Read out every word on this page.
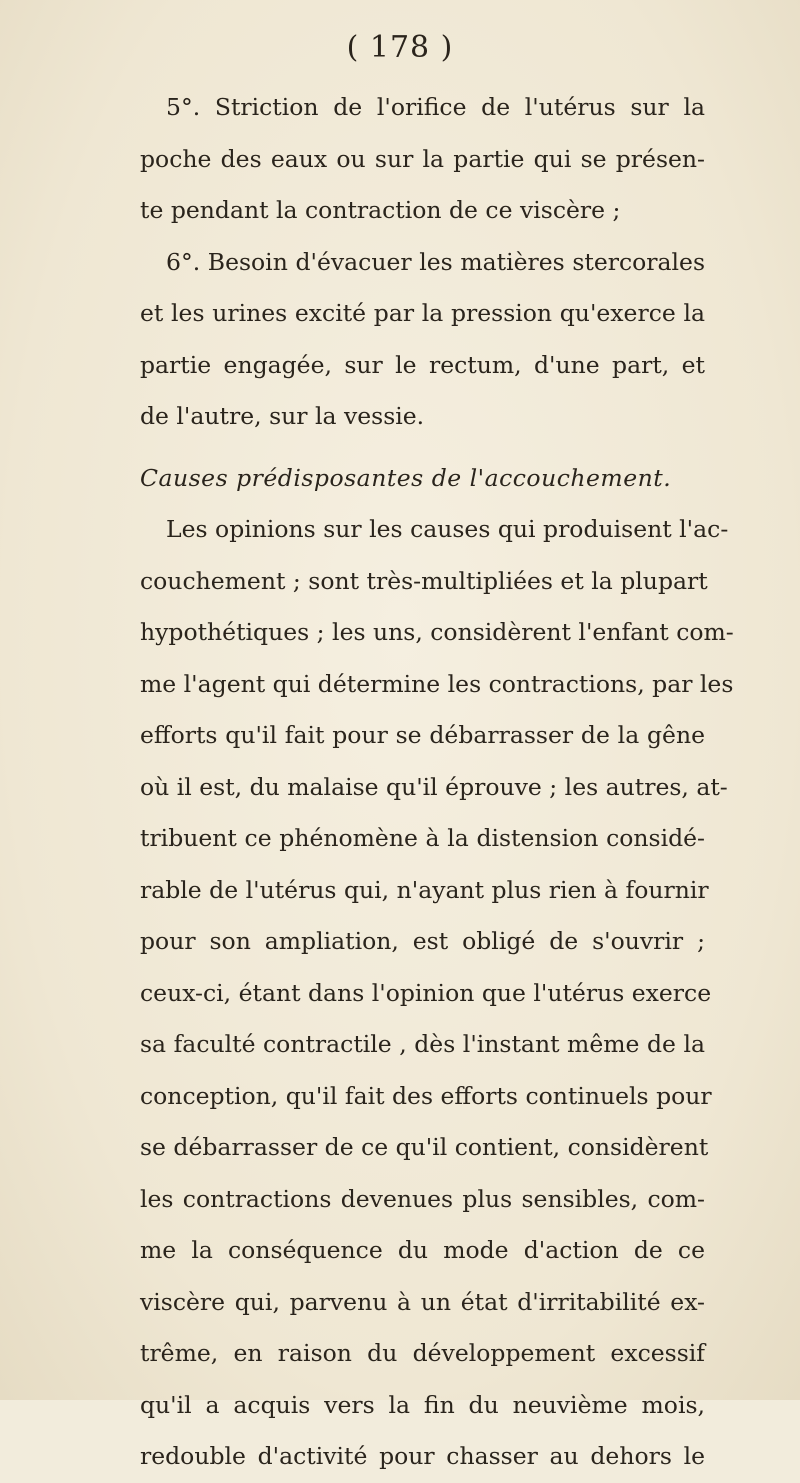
( 178 )
5°. Striction de l'orifice de l'utérus sur la
poche des eaux ou sur la partie qui se présen-
te pendant la contraction de ce viscère ;
6°. Besoin d'évacuer les matières stercorales
et les urines excité par la pression qu'exerce la
partie engagée, sur le rectum, d'une part, et
de l'autre, sur la vessie.
Causes prédisposantes de l'accouchement.
Les opinions sur les causes qui produisent l'ac-
couchement ; sont très-multipliées et la plupart
hypothétiques ; les uns, considèrent l'enfant com-
me l'agent qui détermine les contractions, par les
efforts qu'il fait pour se débarrasser de la gêne
où il est, du malaise qu'il éprouve ; les autres, at-
tribuent ce phénomène à la distension considé-
rable de l'utérus qui, n'ayant plus rien à fournir
pour son ampliation, est obligé de s'ouvrir ;
ceux-ci, étant dans l'opinion que l'utérus exerce
sa faculté contractile , dès l'instant même de la
conception, qu'il fait des efforts continuels pour
se débarrasser de ce qu'il contient, considèrent
les contractions devenues plus sensibles, com-
me la conséquence du mode d'action de ce
viscère qui, parvenu à un état d'irritabilité ex-
trême, en raison du développement excessif
qu'il a acquis vers la fin du neuvième mois,
redouble d'activité pour chasser au dehors le
